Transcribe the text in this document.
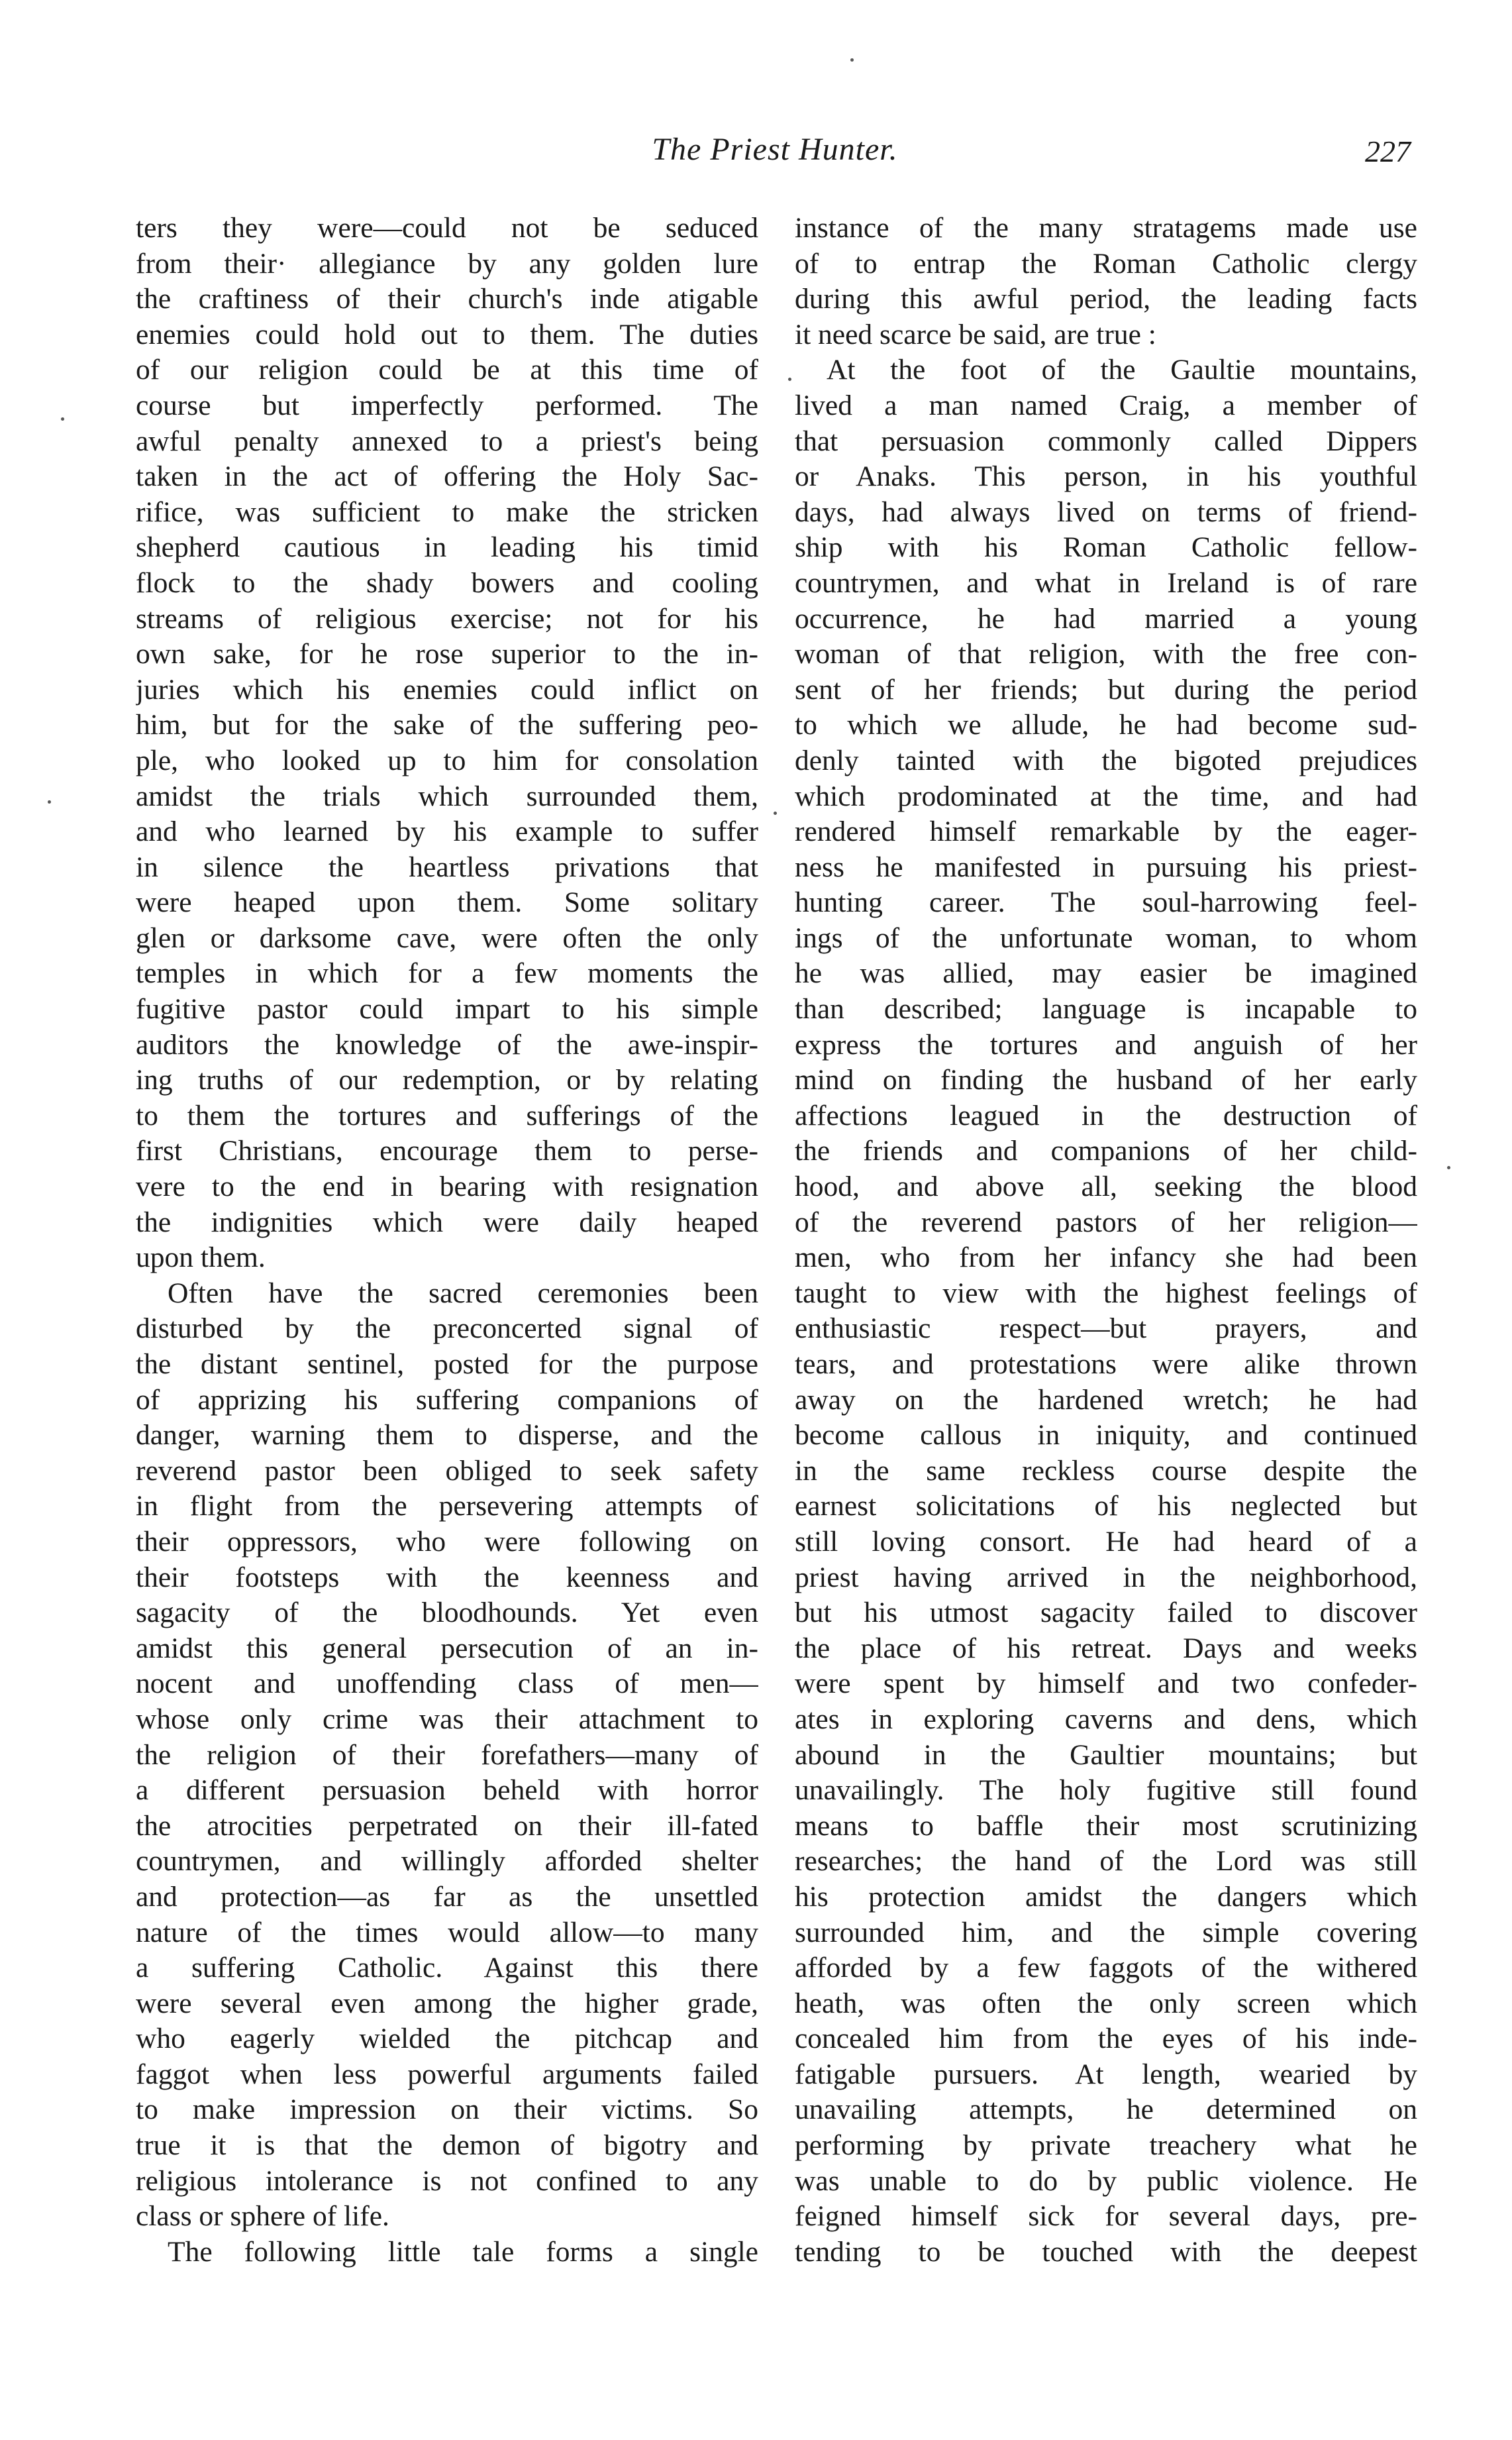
The Priest Hunter.	227
ters they were—could not be seduced
from their· allegiance by any golden lure
the craftiness of their church's inde atigable
enemies could hold out to them. The duties
of our religion could be at this time of
course but imperfectly performed. The
awful penalty annexed to a priest's being
taken in the act of offering the Holy Sac-
rifice, was sufficient to make the stricken
shepherd cautious in leading his timid
flock to the shady bowers and cooling
streams of religious exercise; not for his
own sake, for he rose superior to the in-
juries which his enemies could inflict on
him, but for the sake of the suffering peo-
ple, who looked up to him for consolation
amidst the trials which surrounded them,
and who learned by his example to suffer
in silence the heartless privations that
were heaped upon them. Some solitary
glen or darksome cave, were often the only
temples in which for a few moments the
fugitive pastor could impart to his simple
auditors the knowledge of the awe-inspir-
ing truths of our redemption, or by relating
to them the tortures and sufferings of the
first Christians, encourage them to perse-
vere to the end in bearing with resignation
the indignities which were daily heaped
upon them.
Often have the sacred ceremonies been
disturbed by the preconcerted signal of
the distant sentinel, posted for the purpose
of apprizing his suffering companions of
danger, warning them to disperse, and the
reverend pastor been obliged to seek safety
in flight from the persevering attempts of
their oppressors, who were following on
their footsteps with the keenness and
sagacity of the bloodhounds. Yet even
amidst this general persecution of an in-
nocent and unoffending class of men—
whose only crime was their attachment to
the religion of their forefathers—many of
a different persuasion beheld with horror
the atrocities perpetrated on their ill-fated
countrymen, and willingly afforded shelter
and protection—as far as the unsettled
nature of the times would allow—to many
a suffering Catholic. Against this there
were several even among the higher grade,
who eagerly wielded the pitchcap and
faggot when less powerful arguments failed
to make impression on their victims. So
true it is that the demon of bigotry and
religious intolerance is not confined to any
class or sphere of life.
The following little tale forms a single
instance of the many stratagems made use
of to entrap the Roman Catholic clergy
during this awful period, the leading facts
it need scarce be said, are true :
At the foot of the Gaultie mountains,
lived a man named Craig, a member of
that persuasion commonly called Dippers
or Anaks. This person, in his youthful
days, had always lived on terms of friend-
ship with his Roman Catholic fellow-
countrymen, and what in Ireland is of rare
occurrence, he had married a young
woman of that religion, with the free con-
sent of her friends; but during the period
to which we allude, he had become sud-
denly tainted with the bigoted prejudices
which prodominated at the time, and had
rendered himself remarkable by the eager-
ness he manifested in pursuing his priest-
hunting career. The soul-harrowing feel-
ings of the unfortunate woman, to whom
he was allied, may easier be imagined
than described; language is incapable to
express the tortures and anguish of her
mind on finding the husband of her early
affections leagued in the destruction of
the friends and companions of her child-
hood, and above all, seeking the blood
of the reverend pastors of her religion—
men, who from her infancy she had been
taught to view with the highest feelings of
enthusiastic respect—but prayers, and
tears, and protestations were alike thrown
away on the hardened wretch; he had
become callous in iniquity, and continued
in the same reckless course despite the
earnest solicitations of his neglected but
still loving consort. He had heard of a
priest having arrived in the neighborhood,
but his utmost sagacity failed to discover
the place of his retreat. Days and weeks
were spent by himself and two confeder-
ates in exploring caverns and dens, which
abound in the Gaultier mountains; but
unavailingly. The holy fugitive still found
means to baffle their most scrutinizing
researches; the hand of the Lord was still
his protection amidst the dangers which
surrounded him, and the simple covering
afforded by a few faggots of the withered
heath, was often the only screen which
concealed him from the eyes of his inde-
fatigable pursuers. At length, wearied by
unavailing attempts, he determined on
performing by private treachery what he
was unable to do by public violence. He
feigned himself sick for several days, pre-
tending to be touched with the deepest
